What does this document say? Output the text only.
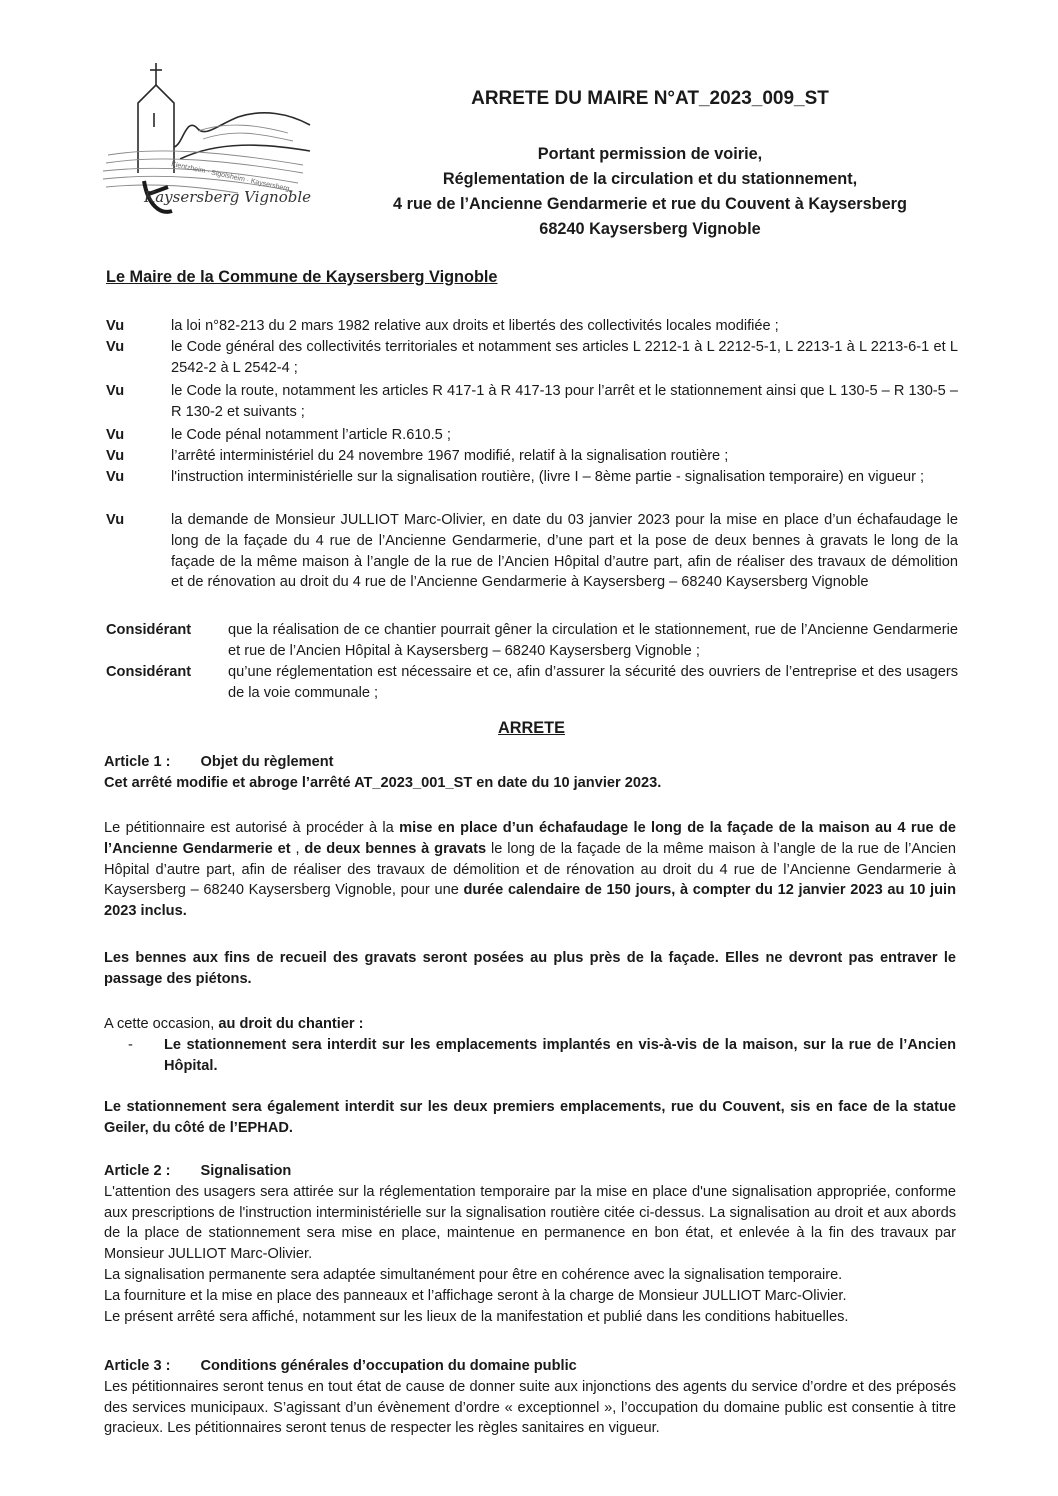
Kientzheim · Sigolsheim · Kaysersberg
Kaysersberg Vignoble
ARRETE DU MAIRE N°AT_2023_009_ST
Portant permission de voirie,
Réglementation de la circulation et du stationnement,
4 rue de l’Ancienne Gendarmerie et rue du Couvent à Kaysersberg
68240 Kaysersberg Vignoble
Le Maire de la Commune de Kaysersberg Vignoble
Vu	la loi n°82-213 du 2 mars 1982 relative aux droits et libertés des collectivités locales modifiée ;
Vu	le Code général des collectivités territoriales et notamment ses articles L 2212-1 à L 2212-5-1, L 2213-1 à L 2213-6-1 et L 2542-2 à L 2542-4 ;
Vu	le Code la route, notamment les articles R 417-1 à R 417-13 pour l’arrêt et le stationnement ainsi que L 130-5 – R 130-5 – R 130-2 et suivants ;
Vu	le Code pénal notamment l’article R.610.5 ;
Vu	l’arrêté interministériel du 24 novembre 1967 modifié, relatif à la signalisation routière ;
Vu	l'instruction interministérielle sur la signalisation routière, (livre I – 8ème partie - signalisation temporaire) en vigueur ;
Vu	la demande de Monsieur JULLIOT Marc-Olivier, en date du 03 janvier 2023 pour la mise en place d’un échafaudage le long de la façade du 4 rue de l’Ancienne Gendarmerie, d’une part et la pose de deux bennes à gravats le long de la façade de la même maison à l’angle de la rue de l’Ancien Hôpital d’autre part, afin de réaliser des travaux de démolition et de rénovation au droit du 4 rue de l’Ancienne Gendarmerie à Kaysersberg – 68240 Kaysersberg Vignoble
Considérant	que la réalisation de ce chantier pourrait gêner la circulation et le stationnement, rue de l’Ancienne Gendarmerie et rue de l’Ancien Hôpital à Kaysersberg – 68240 Kaysersberg Vignoble ;
Considérant	qu’une réglementation est nécessaire et ce, afin d’assurer la sécurité des ouvriers de l’entreprise et des usagers de la voie communale ;
ARRETE
Article 1 : Objet du règlement
Cet arrêté modifie et abroge l’arrêté AT_2023_001_ST en date du 10 janvier 2023.
Le pétitionnaire est autorisé à procéder à la mise en place d’un échafaudage le long de la façade de la maison au 4 rue de l’Ancienne Gendarmerie et , de deux bennes à gravats le long de la façade de la même maison à l’angle de la rue de l’Ancien Hôpital d’autre part, afin de réaliser des travaux de démolition et de rénovation au droit du 4 rue de l’Ancienne Gendarmerie à Kaysersberg – 68240 Kaysersberg Vignoble, pour une durée calendaire de 150 jours, à compter du 12 janvier 2023 au 10 juin 2023 inclus.
Les bennes aux fins de recueil des gravats seront posées au plus près de la façade. Elles ne devront pas entraver le passage des piétons.
A cette occasion, au droit du chantier :
- Le stationnement sera interdit sur les emplacements implantés en vis-à-vis de la maison, sur la rue de l’Ancien Hôpital.
Le stationnement sera également interdit sur les deux premiers emplacements, rue du Couvent, sis en face de la statue Geiler, du côté de l’EPHAD.
Article 2 : Signalisation
L'attention des usagers sera attirée sur la réglementation temporaire par la mise en place d'une signalisation appropriée, conforme aux prescriptions de l'instruction interministérielle sur la signalisation routière citée ci-dessus. La signalisation au droit et aux abords de la place de stationnement sera mise en place, maintenue en permanence en bon état, et enlevée à la fin des travaux par Monsieur JULLIOT Marc-Olivier.
La signalisation permanente sera adaptée simultanément pour être en cohérence avec la signalisation temporaire.
La fourniture et la mise en place des panneaux et l’affichage seront à la charge de Monsieur JULLIOT Marc-Olivier.
Le présent arrêté sera affiché, notamment sur les lieux de la manifestation et publié dans les conditions habituelles.
Article 3 : Conditions générales d’occupation du domaine public
Les pétitionnaires seront tenus en tout état de cause de donner suite aux injonctions des agents du service d’ordre et des préposés des services municipaux. S’agissant d’un évènement d’ordre « exceptionnel », l’occupation du domaine public est consentie à titre gracieux. Les pétitionnaires seront tenus de respecter les règles sanitaires en vigueur.
